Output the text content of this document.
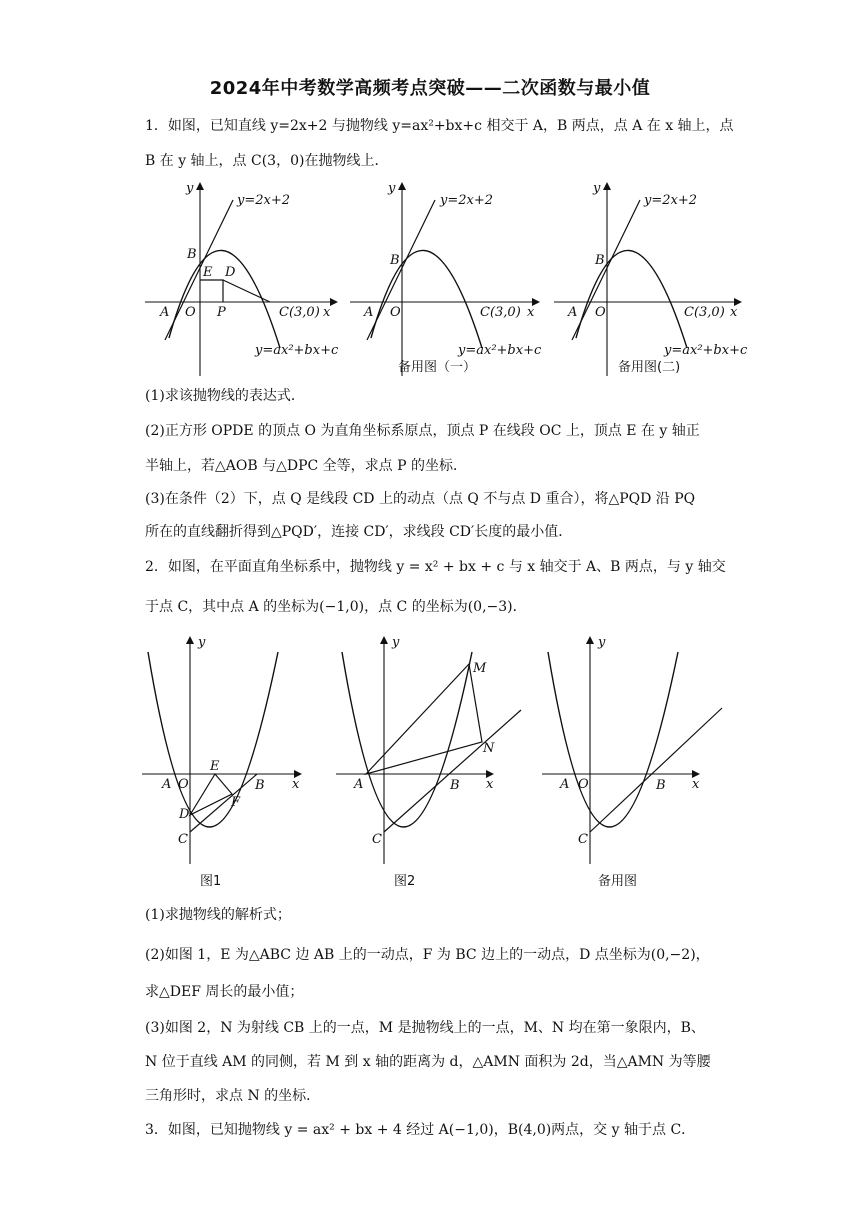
2024年中考数学高频考点突破——二次函数与最小值
1．如图，已知直线 y=2x+2 与抛物线 y=ax²+bx+c 相交于 A，B 两点，点 A 在 x 轴上，点
B 在 y 轴上，点 C(3，0)在抛物线上．
y=2x+2
y=ax²+bx+c
B
E D
A O P	C(3,0) x
y
y=2x+2
y=ax²+bx+c
B
A O	C(3,0) x
y
备用图（一）
y=2x+2
y=ax²+bx+c
B
A O	C(3,0) x
y
备用图(二)
(1)求该抛物线的表达式．
(2)正方形 OPDE 的顶点 O 为直角坐标系原点，顶点 P 在线段 OC 上，顶点 E 在 y 轴正
半轴上，若△AOB 与△DPC 全等，求点 P 的坐标．
(3)在条件（2）下，点 Q 是线段 CD 上的动点（点 Q 不与点 D 重合），将△PQD 沿 PQ
所在的直线翻折得到△PQD′，连接 CD′，求线段 CD′长度的最小值．
2．如图，在平面直角坐标系中，抛物线 y = x² + bx + c 与 x 轴交于 A、B 两点，与 y 轴交
于点 C，其中点 A 的坐标为(−1,0)，点 C 的坐标为(0,−3)．
A O
E
B
F
D
C
x
y
图1
A	B
C
M
N
x
y
图2
A O	B
C
x
y
备用图
(1)求抛物线的解析式；
(2)如图 1，E 为△ABC 边 AB 上的一动点，F 为 BC 边上的一动点，D 点坐标为(0,−2)，
求△DEF 周长的最小值；
(3)如图 2，N 为射线 CB 上的一点，M 是抛物线上的一点，M、N 均在第一象限内，B、
N 位于直线 AM 的同侧，若 M 到 x 轴的距离为 d，△AMN 面积为 2d，当△AMN 为等腰
三角形时，求点 N 的坐标．
3．如图，已知抛物线 y = ax² + bx + 4 经过 A(−1,0)，B(4,0)两点，交 y 轴于点 C．
